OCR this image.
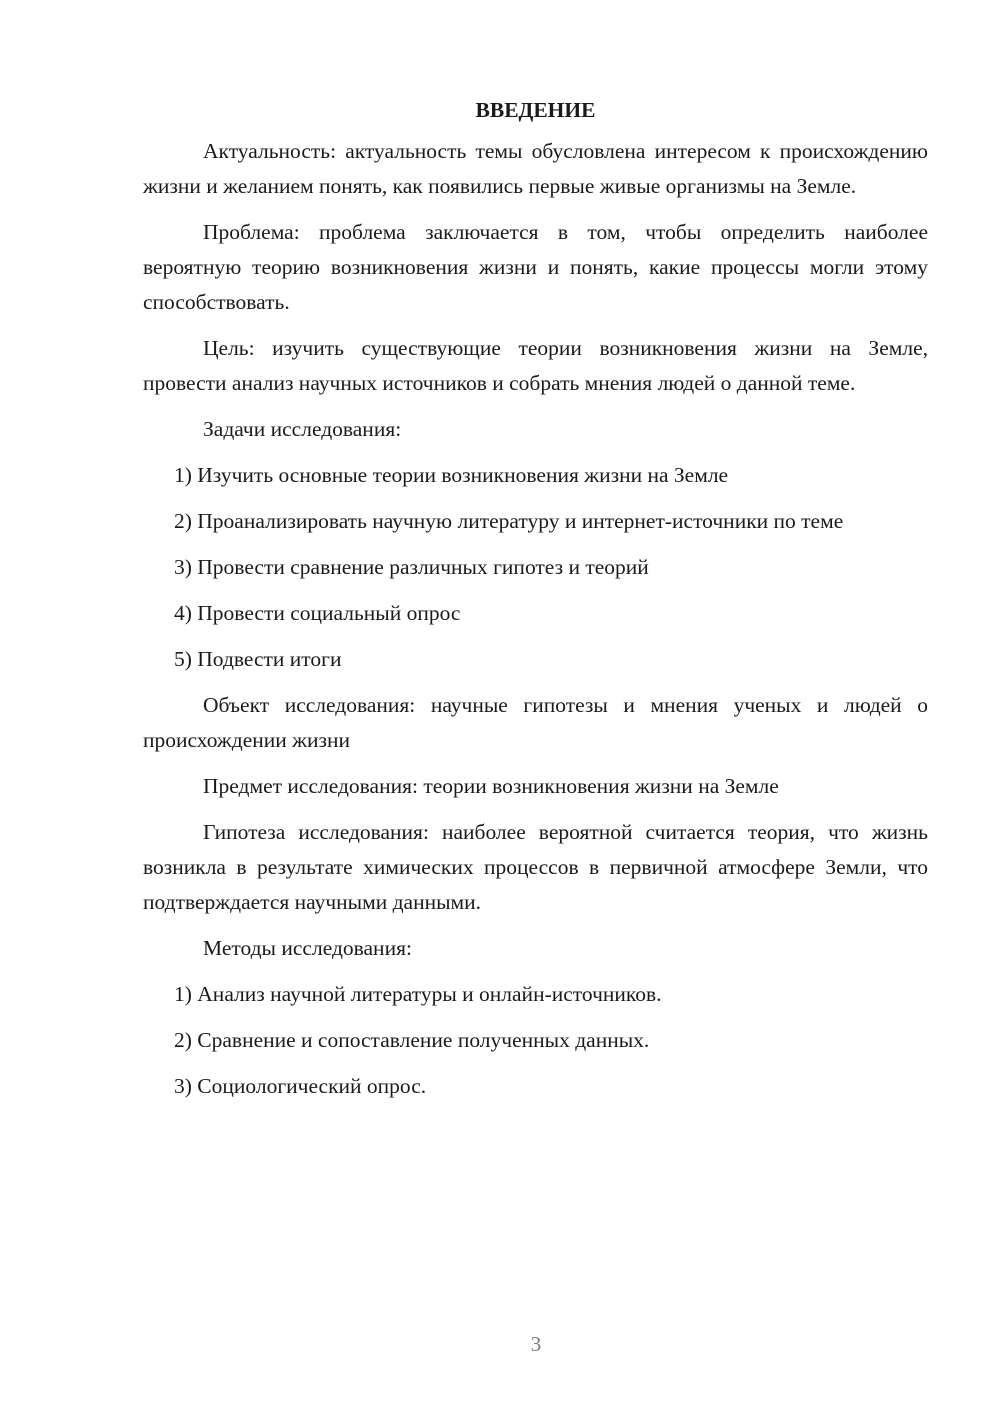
ВВЕДЕНИЕ

Актуальность: актуальность темы обусловлена интересом к происхождению жизни и желанием понять, как появились первые живые организмы на Земле.

Проблема: проблема заключается в том, чтобы определить наиболее вероятную теорию возникновения жизни и понять, какие процессы могли этому способствовать.

Цель: изучить существующие теории возникновения жизни на Земле, провести анализ научных источников и собрать мнения людей о данной теме.

Задачи исследования:

1) Изучить основные теории возникновения жизни на Земле

2) Проанализировать научную литературу и интернет-источники по теме

3) Провести сравнение различных гипотез и теорий

4) Провести социальный опрос

5) Подвести итоги

Объект исследования: научные гипотезы и мнения ученых и людей о происхождении жизни

Предмет исследования: теории возникновения жизни на Земле

Гипотеза исследования: наиболее вероятной считается теория, что жизнь возникла в результате химических процессов в первичной атмосфере Земли, что подтверждается научными данными.

Методы исследования:

1) Анализ научной литературы и онлайн-источников.

2) Сравнение и сопоставление полученных данных.

3) Социологический опрос.

3
